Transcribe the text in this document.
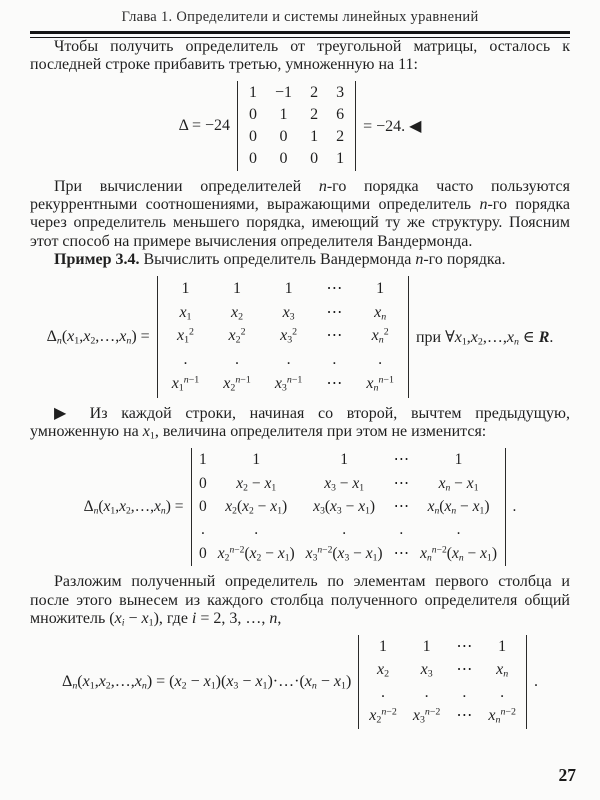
Глава 1. Определители и системы линейных уравнений

Чтобы получить определитель от треугольной матрицы, осталось к последней строке прибавить третью, умноженную на 11:

Δ = −24
1	−1	2	3
0	1	2	6
0	0	1	2
0	0	0	1
= −24. ◀

При вычислении определителей n-го порядка часто пользуются рекуррентными соотношениями, выражающими определитель n-го порядка через определитель меньшего порядка, имеющий ту же структуру. Поясним этот способ на примере вычисления определителя Вандермонда.

Пример 3.4. Вычислить определитель Вандермонда n-го порядка.

$\Delta_n(x_1,x_2,\dots,x_n)$ =
1	1	1	⋯	1
$x_1$	$x_2$	$x_3$	⋯	$x_n$
$x_1^2$	$x_2^2$	$x_3^2$	⋯	$x_n^2$
.	.	.	.	.
$x_1^{n-1}$	$x_2^{n-1}$	$x_3^{n-1}$	⋯	$x_n^{n-1}$
при $\forall x_1,x_2,\dots,x_n$ ∈ R.

▶ Из каждой строки, начиная со второй, вычтем предыдущую, умноженную на $x_1$, величина определителя при этом не изменится:

$\Delta_n(x_1,x_2,\dots,x_n)$ =
1	1	1	⋯	1
0	$x_2 - x_1$	$x_3 - x_1$	⋯	$x_n - x_1$
0	$x_2(x_2 - x_1)$	$x_3(x_3 - x_1)$	⋯	$x_n(x_n - x_1)$
.	.	.	.	.
0	$x_2^{n-2}(x_2 - x_1)$	$x_3^{n-2}(x_3 - x_1)$	⋯	$x_n^{n-2}(x_n - x_1)$
.

Разложим полученный определитель по элементам первого столбца и после этого вынесем из каждого столбца полученного определителя общий множитель $(x_i - x_1)$, где i = 2, 3, …, n,

$\Delta_n(x_1,x_2,\dots,x_n) = (x_2 - x_1)(x_3$ − $x_1)\cdot\dots\cdot(x_n - x_1)$
1	1	⋯	1
$x_2$	$x_3$	⋯	$x_n$
.	.	.	.
$x_2^{n-2}$	$x_3^{n-2}$	⋯	$x_n^{n-2}$
.
27
